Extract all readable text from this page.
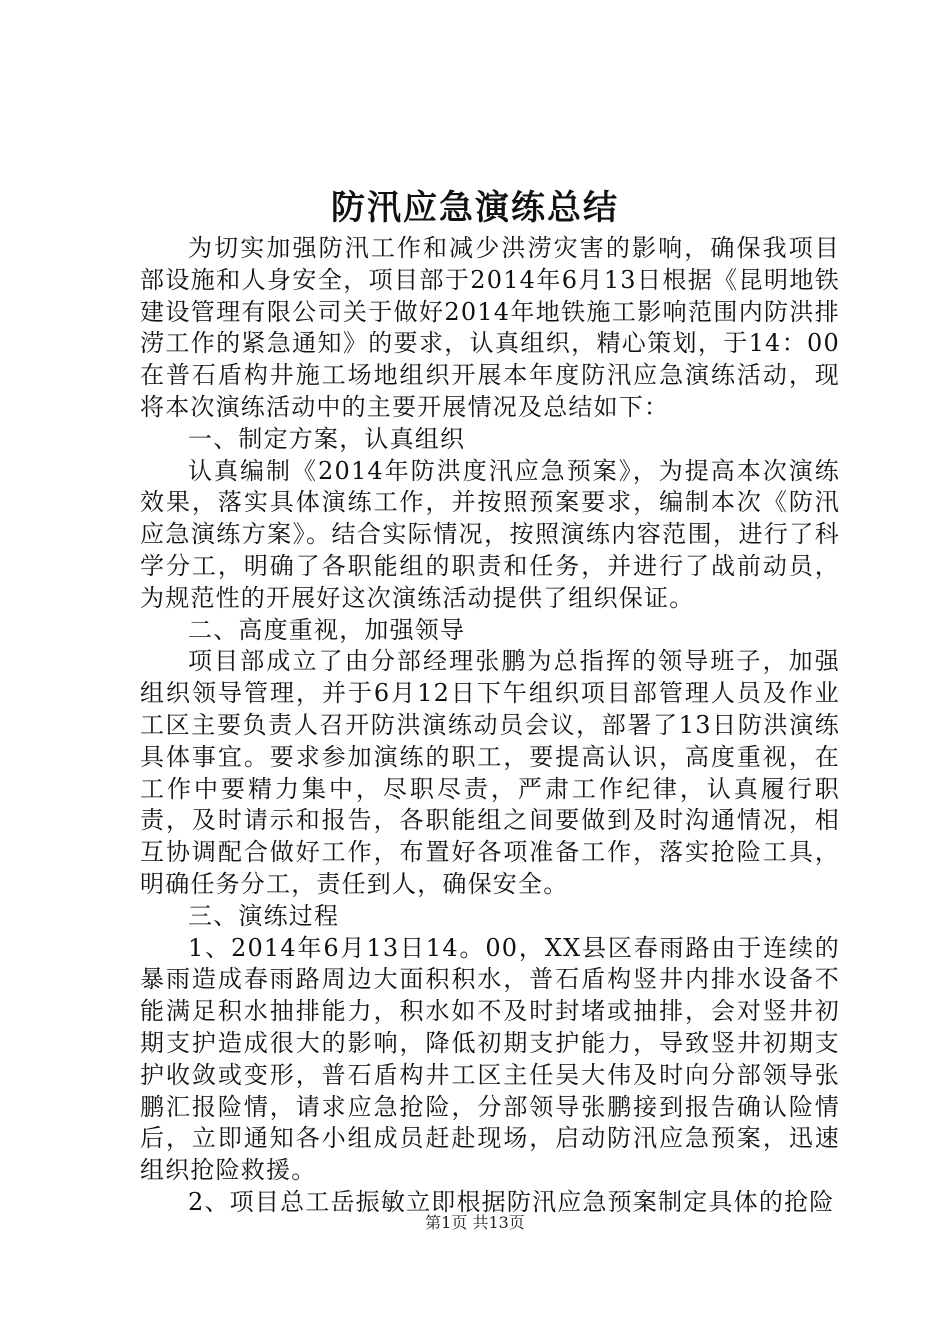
防汛应急演练总结

为切实加强防汛工作和减少洪涝灾害的影响，确保我项目部设施和人身安全，项目部于2014年6月13日根据《昆明地铁建设管理有限公司关于做好2014年地铁施工影响范围内防洪排涝工作的紧急通知》的要求，认真组织，精心策划，于14：00在普石盾构井施工场地组织开展本年度防汛应急演练活动，现将本次演练活动中的主要开展情况及总结如下：

一、制定方案，认真组织

认真编制《2014年防洪度汛应急预案》，为提高本次演练效果，落实具体演练工作，并按照预案要求，编制本次《防汛应急演练方案》。结合实际情况，按照演练内容范围，进行了科学分工，明确了各职能组的职责和任务，并进行了战前动员，为规范性的开展好这次演练活动提供了组织保证。

二、高度重视，加强领导

项目部成立了由分部经理张鹏为总指挥的领导班子，加强组织领导管理，并于6月12日下午组织项目部管理人员及作业工区主要负责人召开防洪演练动员会议，部署了13日防洪演练具体事宜。要求参加演练的职工，要提高认识，高度重视，在工作中要精力集中，尽职尽责，严肃工作纪律，认真履行职责，及时请示和报告，各职能组之间要做到及时沟通情况，相互协调配合做好工作，布置好各项准备工作，落实抢险工具，明确任务分工，责任到人，确保安全。

三、演练过程

1、2014年6月13日14。00，XX县区春雨路由于连续的暴雨造成春雨路周边大面积积水，普石盾构竖井内排水设备不能满足积水抽排能力，积水如不及时封堵或抽排，会对竖井初期支护造成很大的影响，降低初期支护能力，导致竖井初期支护收敛或变形，普石盾构井工区主任吴大伟及时向分部领导张鹏汇报险情，请求应急抢险，分部领导张鹏接到报告确认险情后，立即通知各小组成员赶赴现场，启动防汛应急预案，迅速组织抢险救援。

2、项目总工岳振敏立即根据防汛应急预案制定具体的抢险

第1页 共13页
